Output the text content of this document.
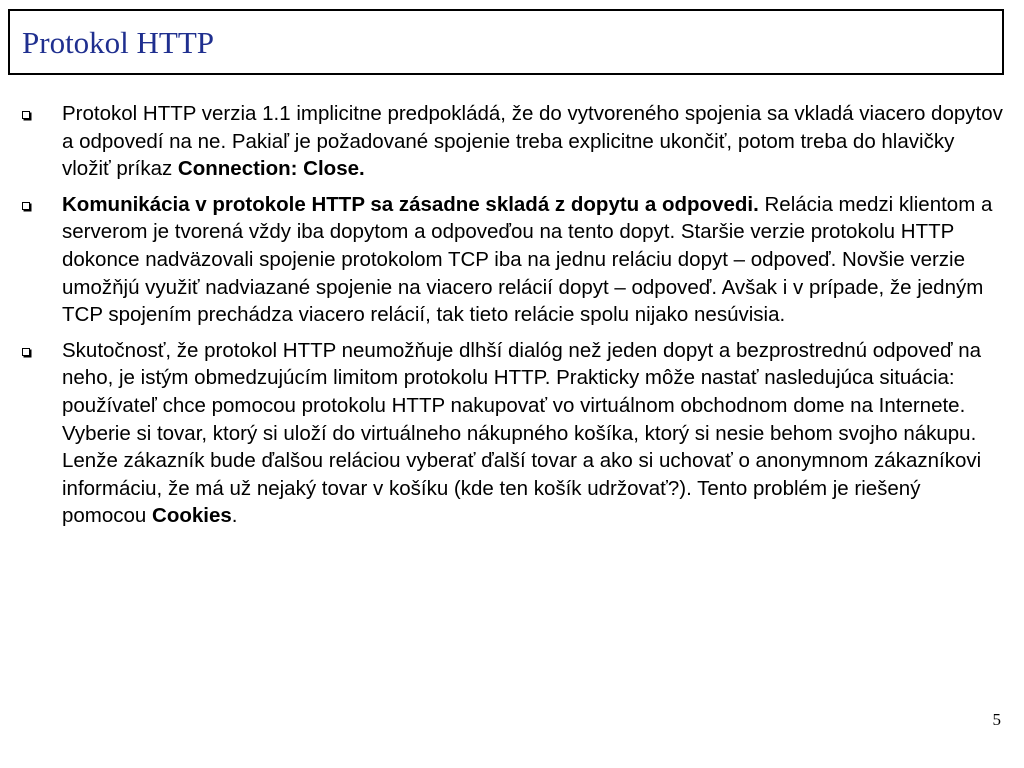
Protokol HTTP
Protokol HTTP verzia 1.1 implicitne predpokládá, že do vytvoreného spojenia sa vkladá viacero dopytov a odpovedí na ne. Pakiaľ je požadované spojenie treba explicitne ukončiť, potom treba do hlavičky vložiť príkaz Connection: Close.
Komunikácia v protokole HTTP sa zásadne skladá z dopytu a odpovedi. Relácia medzi klientom a serverom je tvorená vždy iba dopytom a odpoveďou na tento dopyt. Staršie verzie protokolu HTTP dokonce nadväzovali spojenie protokolom TCP iba na jednu reláciu dopyt – odpoveď. Novšie verzie umožňjú využiť nadviazané spojenie na viacero relácií dopyt – odpoveď. Avšak i v prípade, že jedným TCP spojením prechádza viacero relácií, tak tieto relácie spolu nijako nesúvisia.
Skutočnosť, že protokol HTTP neumožňuje dlhší dialóg než jeden dopyt a bezprostrednú odpoveď na neho, je istým obmedzujúcím limitom protokolu HTTP. Prakticky môže nastať nasledujúca situácia: používateľ chce pomocou protokolu HTTP nakupovať vo virtuálnom obchodnom dome na Internete. Vyberie si tovar, ktorý si uloží do virtuálneho nákupného košíka, ktorý si nesie behom svojho nákupu. Lenže zákazník bude ďalšou reláciou vyberať ďalší tovar a ako si uchovať o anonymnom zákazníkovi informáciu, že má už nejaký tovar v košíku (kde ten košík udržovať?). Tento problém je riešený pomocou Cookies.
5
